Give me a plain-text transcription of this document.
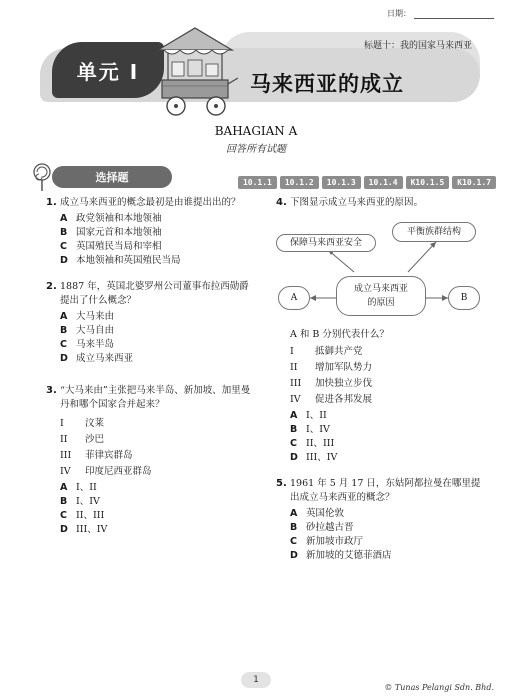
日期：
单元 I
标题十：我的国家马来西亚
马来西亚的成立
BAHAGIAN A
回答所有试题
选择题	10.1.1	10.1.2	10.1.3	10.1.4	K10.1.5	K10.1.7
1. 成立马来西亚的概念最初是由谁提出出的？
A 政党领袖和本地领袖
B 国家元首和本地领袖
C 英国殖民当局和宰相
D 本地领袖和英国殖民当局
2. 1887 年，英国北婆罗州公司董事布拉西勋爵提出了什么概念？
A 大马来由
B 大马自由
C 马来半岛
D 成立马来西亚
3. “大马来由”主张把马来半岛、新加坡、加里曼丹和哪个国家合并起来？
I	汶莱
II	沙巴
III	菲律宾群岛
IV	印度尼西亚群岛
A I、II
B I、IV
C II、III
D III、IV
4. 下图显示成立马来西亚的原因。
保障马来西亚安全
平衡族群结构
成立马来西亚的原因
A	B
A 和 B 分别代表什么？
I	抵御共产党
II	增加军队势力
III	加快独立步伐
IV	促进各邦发展
A I、II
B I、IV
C II、III
D III、IV
5. 1961 年 5 月 17 日，东姑阿都拉曼在哪里提出成立马来西亚的概念？
A 英国伦敦
B 砂拉越古晋
C 新加坡市政厅
D 新加坡的艾德菲酒店
1
© Tunas Pelangi Sdn. Bhd.
